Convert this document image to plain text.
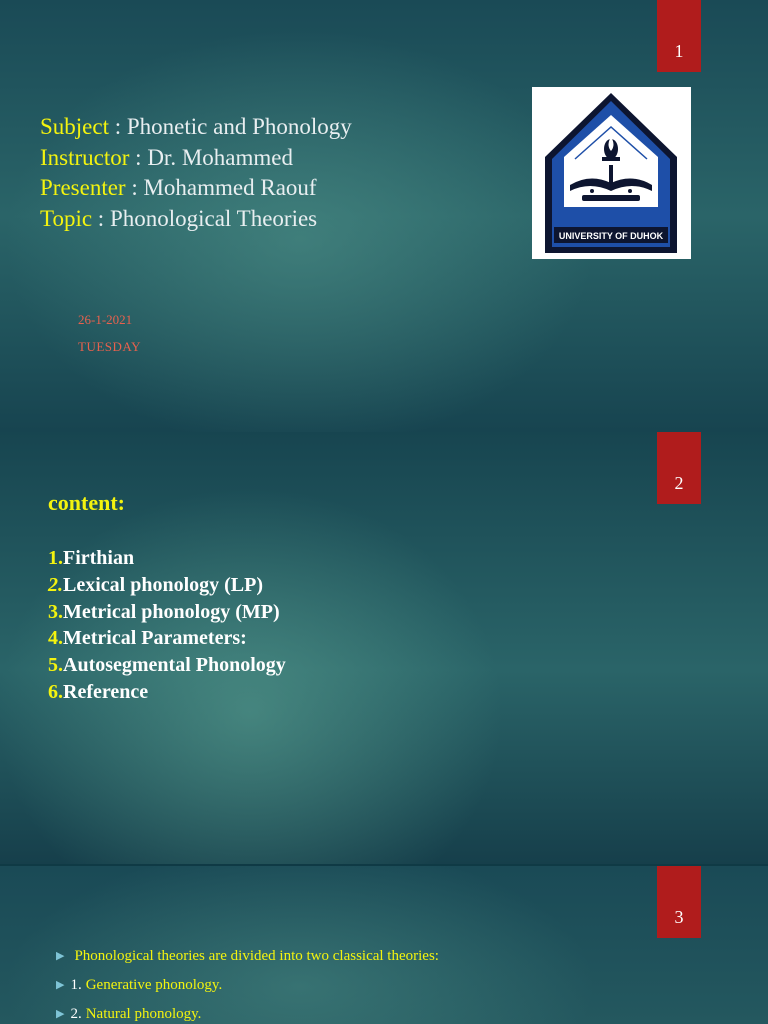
1
Subject : Phonetic and Phonology
Instructor : Dr. Mohammed
Presenter : Mohammed Raouf
Topic : Phonological Theories
UNIVERSITY OF DUHOK
26-1-2021
TUESDAY
2
content:
1.Firthian
2.Lexical phonology (LP)
3.Metrical phonology (MP)
4.Metrical Parameters:
5.Autosegmental Phonology
6.Reference
3
▶ Phonological theories are divided into two classical theories:
▶ 1. Generative phonology.
▶ 2. Natural phonology.
